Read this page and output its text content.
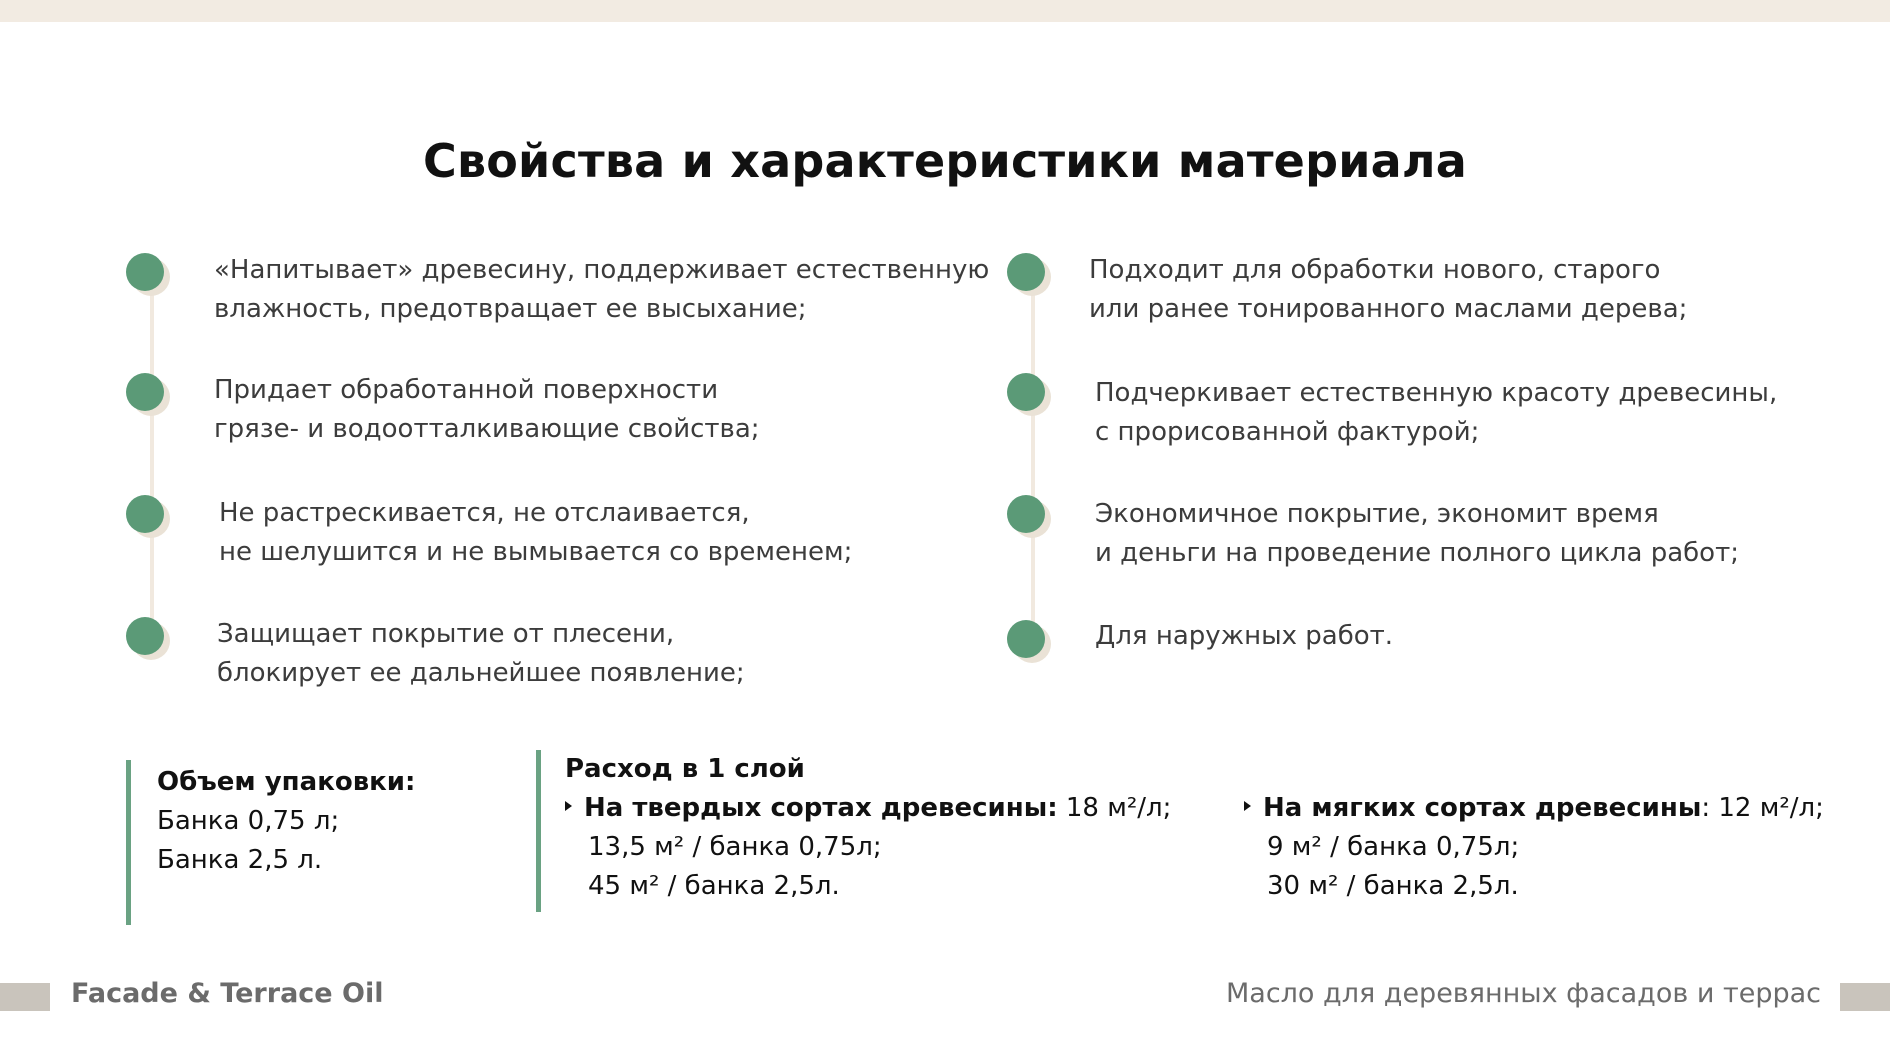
Свойства и характеристики материала
«Напитывает» древесину, поддерживает естественную
влажность, предотвращает ее высыхание;
Придает обработанной поверхности
грязе- и водоотталкивающие свойства;
Не растрескивается, не отслаивается,
не шелушится и не вымывается со временем;
Защищает покрытие от плесени,
блокирует ее дальнейшее появление;
Подходит для обработки нового, старого
или ранее тонированного маслами дерева;
Подчеркивает естественную красоту древесины,
с прорисованной фактурой;
Экономичное покрытие, экономит время
и деньги на проведение полного цикла работ;
Для наружных работ.
Объем упаковки:
Банка 0,75 л;
Банка 2,5 л.
Расход в 1 слой
На твердых сортах древесины: 18 м²/л;
13,5 м² / банка 0,75л;
45 м² / банка 2,5л.
На мягких сортах древесины: 12 м²/л;
9 м² / банка 0,75л;
30 м² / банка 2,5л.
Facade & Terrace Oil	Масло для деревянных фасадов и террас
